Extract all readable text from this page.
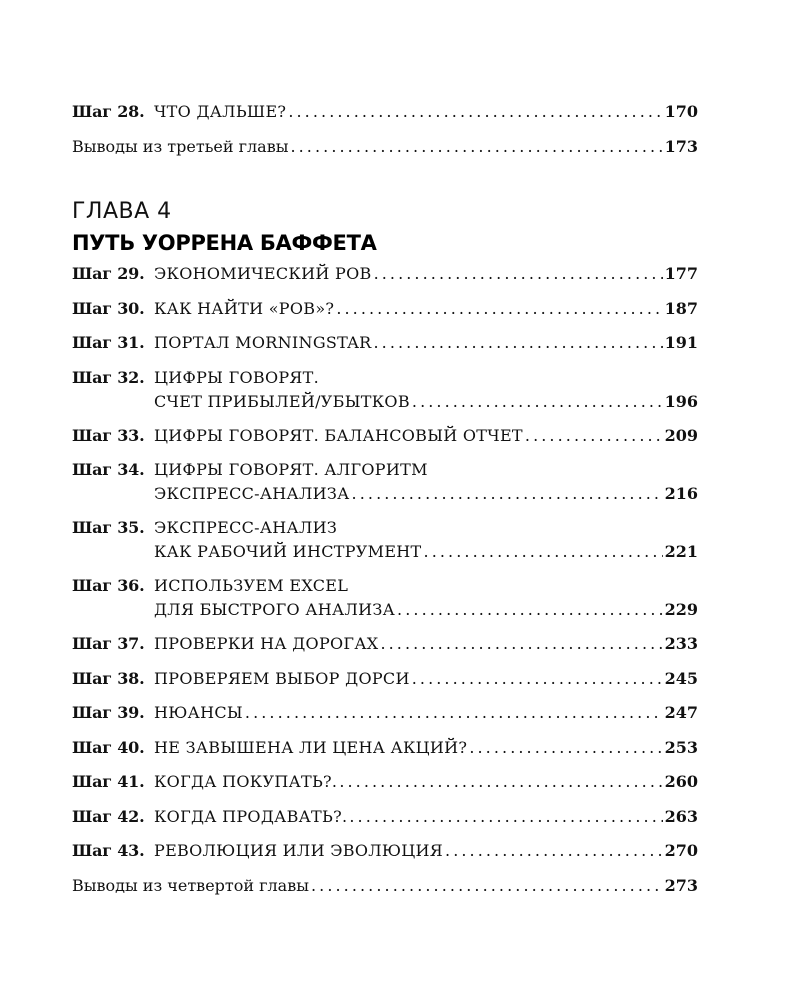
Шаг 28. ЧТО ДАЛЬШЕ? . . .	170
Выводы из третьей главы . . .	173
ГЛАВА 4
ПУТЬ УОРРЕНА БАФФЕТА
Шаг 29. ЭКОНОМИЧЕСКИЙ РОВ . . .	177
Шаг 30. КАК НАЙТИ «РОВ»? . . .	187
Шаг 31. ПОРТАЛ MORNINGSTAR . . .	191
Шаг 32. ЦИФРЫ ГОВОРЯТ.
СЧЕТ ПРИБЫЛЕЙ/УБЫТКОВ . . .	196
Шаг 33. ЦИФРЫ ГОВОРЯТ. БАЛАНСОВЫЙ ОТЧЕТ . . .	209
Шаг 34. ЦИФРЫ ГОВОРЯТ. АЛГОРИТМ
ЭКСПРЕСС-АНАЛИЗА . . .	216
Шаг 35. ЭКСПРЕСС-АНАЛИЗ
КАК РАБОЧИЙ ИНСТРУМЕНТ . . .	221
Шаг 36. ИСПОЛЬЗУЕМ EXCEL
ДЛЯ БЫСТРОГО АНАЛИЗА . . .	229
Шаг 37. ПРОВЕРКИ НА ДОРОГАХ . . .	233
Шаг 38. ПРОВЕРЯЕМ ВЫБОР ДОРСИ . . .	245
Шаг 39. НЮАНСЫ . . .	247
Шаг 40. НЕ ЗАВЫШЕНА ЛИ ЦЕНА АКЦИЙ? . . .	253
Шаг 41. КОГДА ПОКУПАТЬ?. . . .	260
Шаг 42. КОГДА ПРОДАВАТЬ?. . . .	263
Шаг 43. РЕВОЛЮЦИЯ ИЛИ ЭВОЛЮЦИЯ . . .	270
Выводы из четвертой главы . . .	273
